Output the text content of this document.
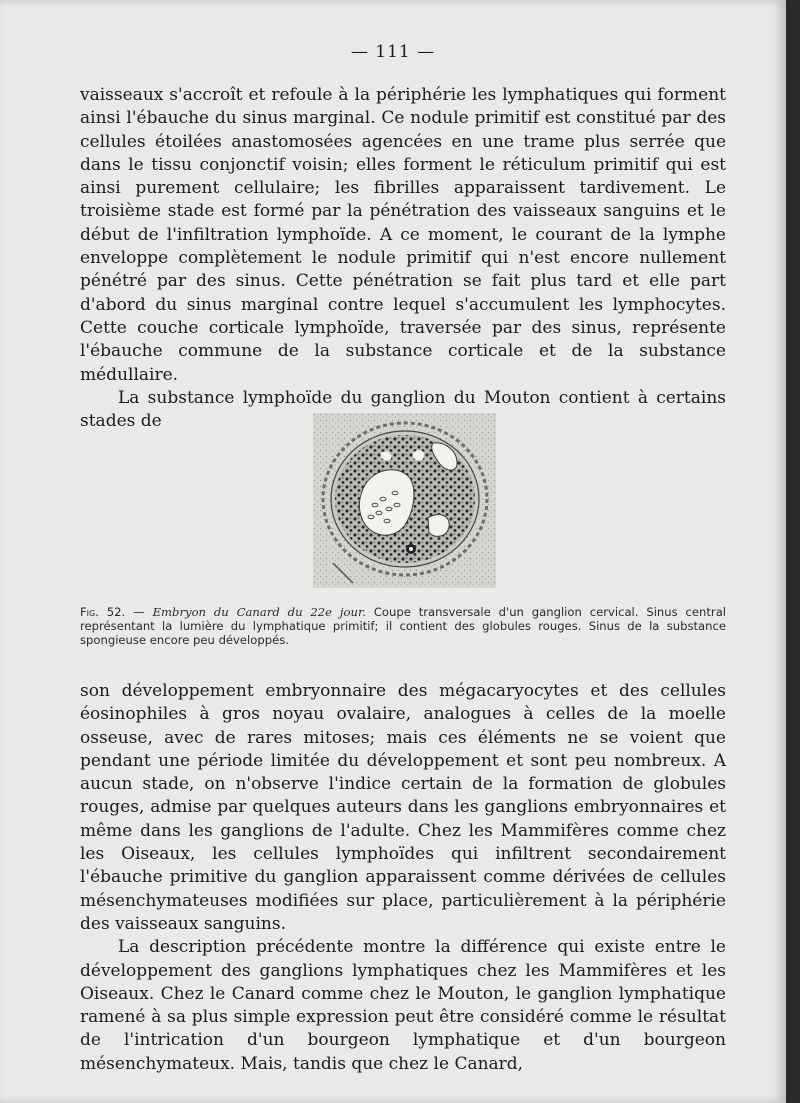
— 111 —

vaisseaux s'accroît et refoule à la périphérie les lymphatiques qui forment ainsi l'ébauche du sinus marginal. Ce nodule primitif est constitué par des cellules étoilées anastomosées agencées en une trame plus serrée que dans le tissu conjonctif voisin; elles forment le réticulum primitif qui est ainsi purement cellulaire; les fibrilles apparaissent tardivement. Le troisième stade est formé par la pénétration des vaisseaux sanguins et le début de l'infiltration lymphoïde. A ce moment, le courant de la lymphe enveloppe complètement le nodule primitif qui n'est encore nullement pénétré par des sinus. Cette pénétration se fait plus tard et elle part d'abord du sinus marginal contre lequel s'accumulent les lymphocytes. Cette couche corticale lymphoïde, traversée par des sinus, représente l'ébauche commune de la substance corticale et de la substance médullaire.

La substance lymphoïde du ganglion du Mouton contient à certains stades de

Fig. 52. — Embryon du Canard du 22e jour. Coupe transversale d'un ganglion cervical. Sinus central représentant la lumière du lymphatique primitif; il contient des globules rouges. Sinus de la substance spongieuse encore peu développés.

son développement embryonnaire des mégacaryocytes et des cellules éosinophiles à gros noyau ovalaire, analogues à celles de la moelle osseuse, avec de rares mitoses; mais ces éléments ne se voient que pendant une période limitée du développement et sont peu nombreux. A aucun stade, on n'observe l'indice certain de la formation de globules rouges, admise par quelques auteurs dans les ganglions embryonnaires et même dans les ganglions de l'adulte. Chez les Mammifères comme chez les Oiseaux, les cellules lymphoïdes qui infiltrent secondairement l'ébauche primitive du ganglion apparaissent comme dérivées de cellules mésenchymateuses modifiées sur place, particulièrement à la périphérie des vaisseaux sanguins.

La description précédente montre la différence qui existe entre le développement des ganglions lymphatiques chez les Mammifères et les Oiseaux. Chez le Canard comme chez le Mouton, le ganglion lymphatique ramené à sa plus simple expression peut être considéré comme le résultat de l'intrication d'un bourgeon lymphatique et d'un bourgeon mésenchymateux. Mais, tandis que chez le Canard,
